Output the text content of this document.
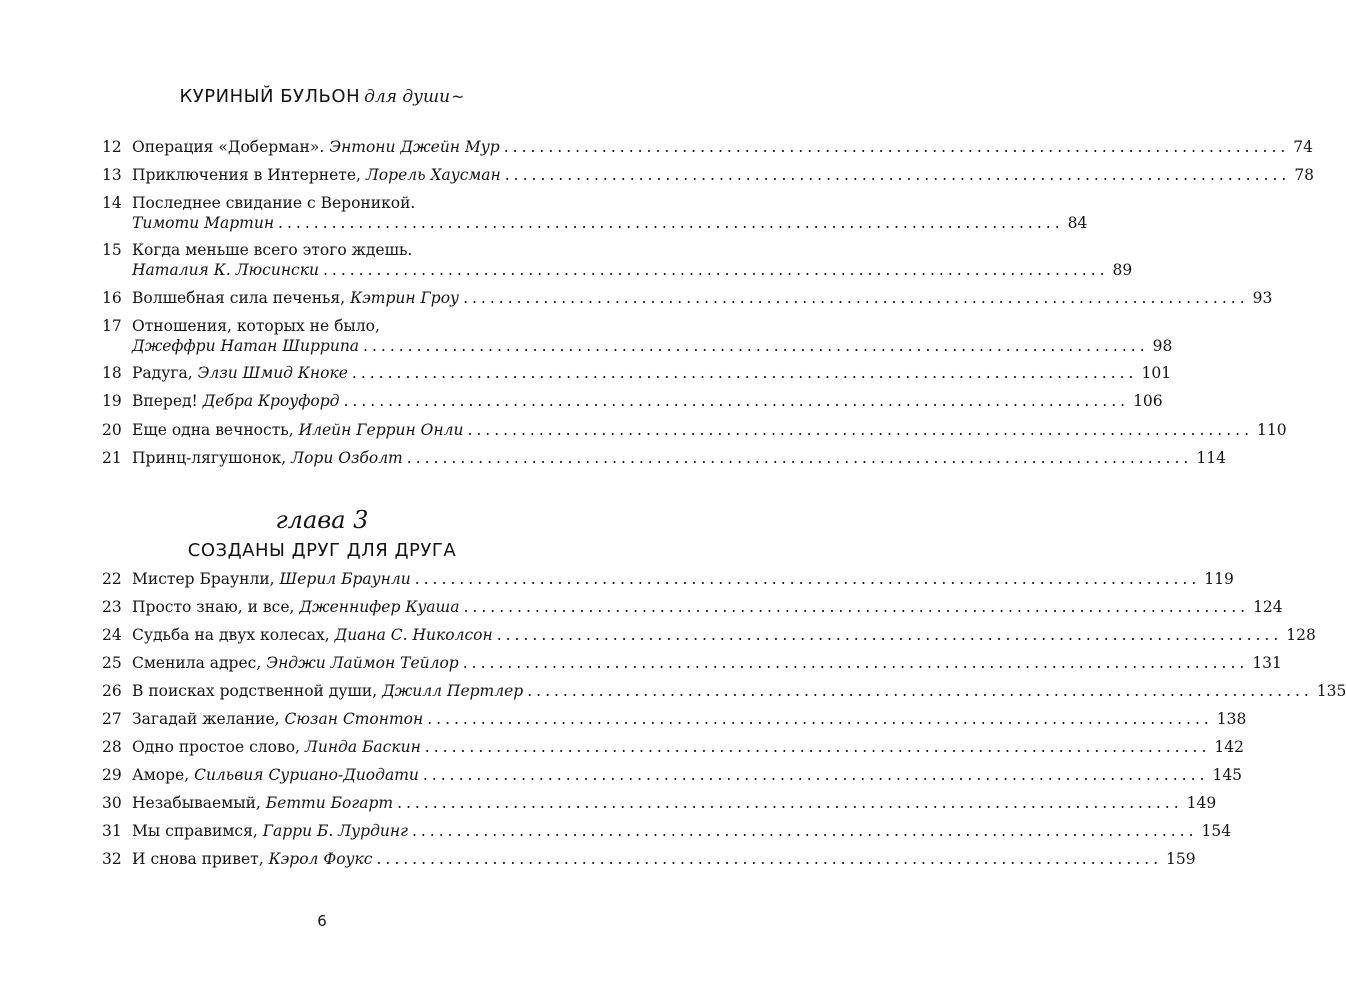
КУРИНЫЙ БУЛЬОН для души~
12 Операция «Доберман».
Энтони Джейн Мур ........................................................................................ 74
13 Приключения в Интернете,
Лорель Хаусман ........................................................................................ 78
14 Последнее свидание с Вероникой.
Тимоти Мартин ........................................................................................ 84
15 Когда меньше всего этого ждешь.
Наталия К. Люсински ........................................................................................ 89
16 Волшебная сила печенья,
Кэтрин Гроу ........................................................................................ 93
17 Отношения, которых не было,
Джеффри Натан Ширрипа ........................................................................................ 98
18 Радуга,
Элзи Шмид Кноке ........................................................................................ 101
19 Вперед!
Дебра Кроуфорд ........................................................................................ 106
20 Еще одна вечность,
Илейн Геррин Онли ........................................................................................ 110
21 Принц-лягушонок,
Лори Озболт ........................................................................................ 114
глава 3
СОЗДАНЫ ДРУГ ДЛЯ ДРУГА
22 Мистер Браунли,
Шерил Браунли ........................................................................................ 119
23 Просто знаю, и все,
Дженнифер Куаша ........................................................................................ 124
24 Судьба на двух колесах,
Диана С. Николсон ........................................................................................ 128
25 Сменила адрес,
Энджи Лаймон Тейлор ........................................................................................ 131
26 В поисках родственной души,
Джилл Пертлер ........................................................................................ 135
27 Загадай желание,
Сюзан Стонтон ........................................................................................ 138
28 Одно простое слово,
Линда Баскин ........................................................................................ 142
29 Аморе,
Сильвия Суриано-Диодати ........................................................................................ 145
30 Незабываемый,
Бетти Богарт ........................................................................................ 149
31 Мы справимся,
Гарри Б. Лурдинг ........................................................................................ 154
32 И снова привет,
Кэрол Фоукс ........................................................................................ 159
6
